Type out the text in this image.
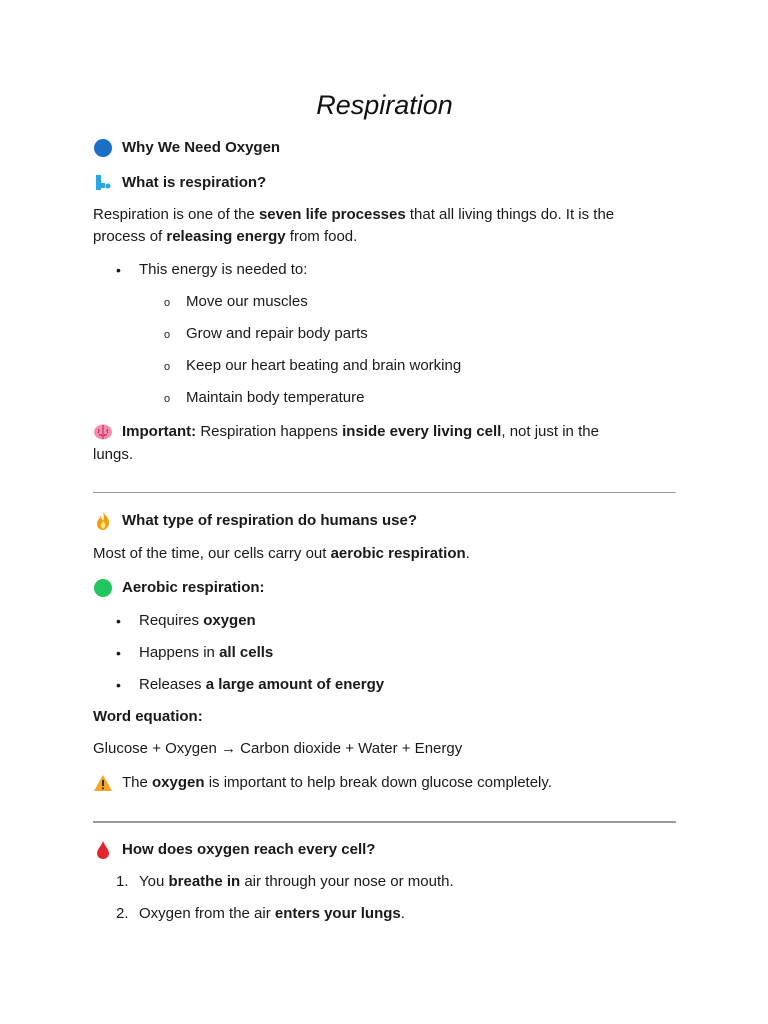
Respiration
Why We Need Oxygen
What is respiration?
Respiration is one of the seven life processes that all living things do. It is the
process of releasing energy from food.
• This energy is needed to:
o Move our muscles
o Grow and repair body parts
o Keep our heart beating and brain working
o Maintain body temperature
Important: Respiration happens inside every living cell, not just in the
lungs.
What type of respiration do humans use?
Most of the time, our cells carry out aerobic respiration.
Aerobic respiration:
• Requires oxygen
• Happens in all cells
• Releases a large amount of energy
Word equation:
Glucose + Oxygen → Carbon dioxide + Water + Energy
The oxygen is important to help break down glucose completely.
How does oxygen reach every cell?
1. You breathe in air through your nose or mouth.
2. Oxygen from the air enters your lungs.
